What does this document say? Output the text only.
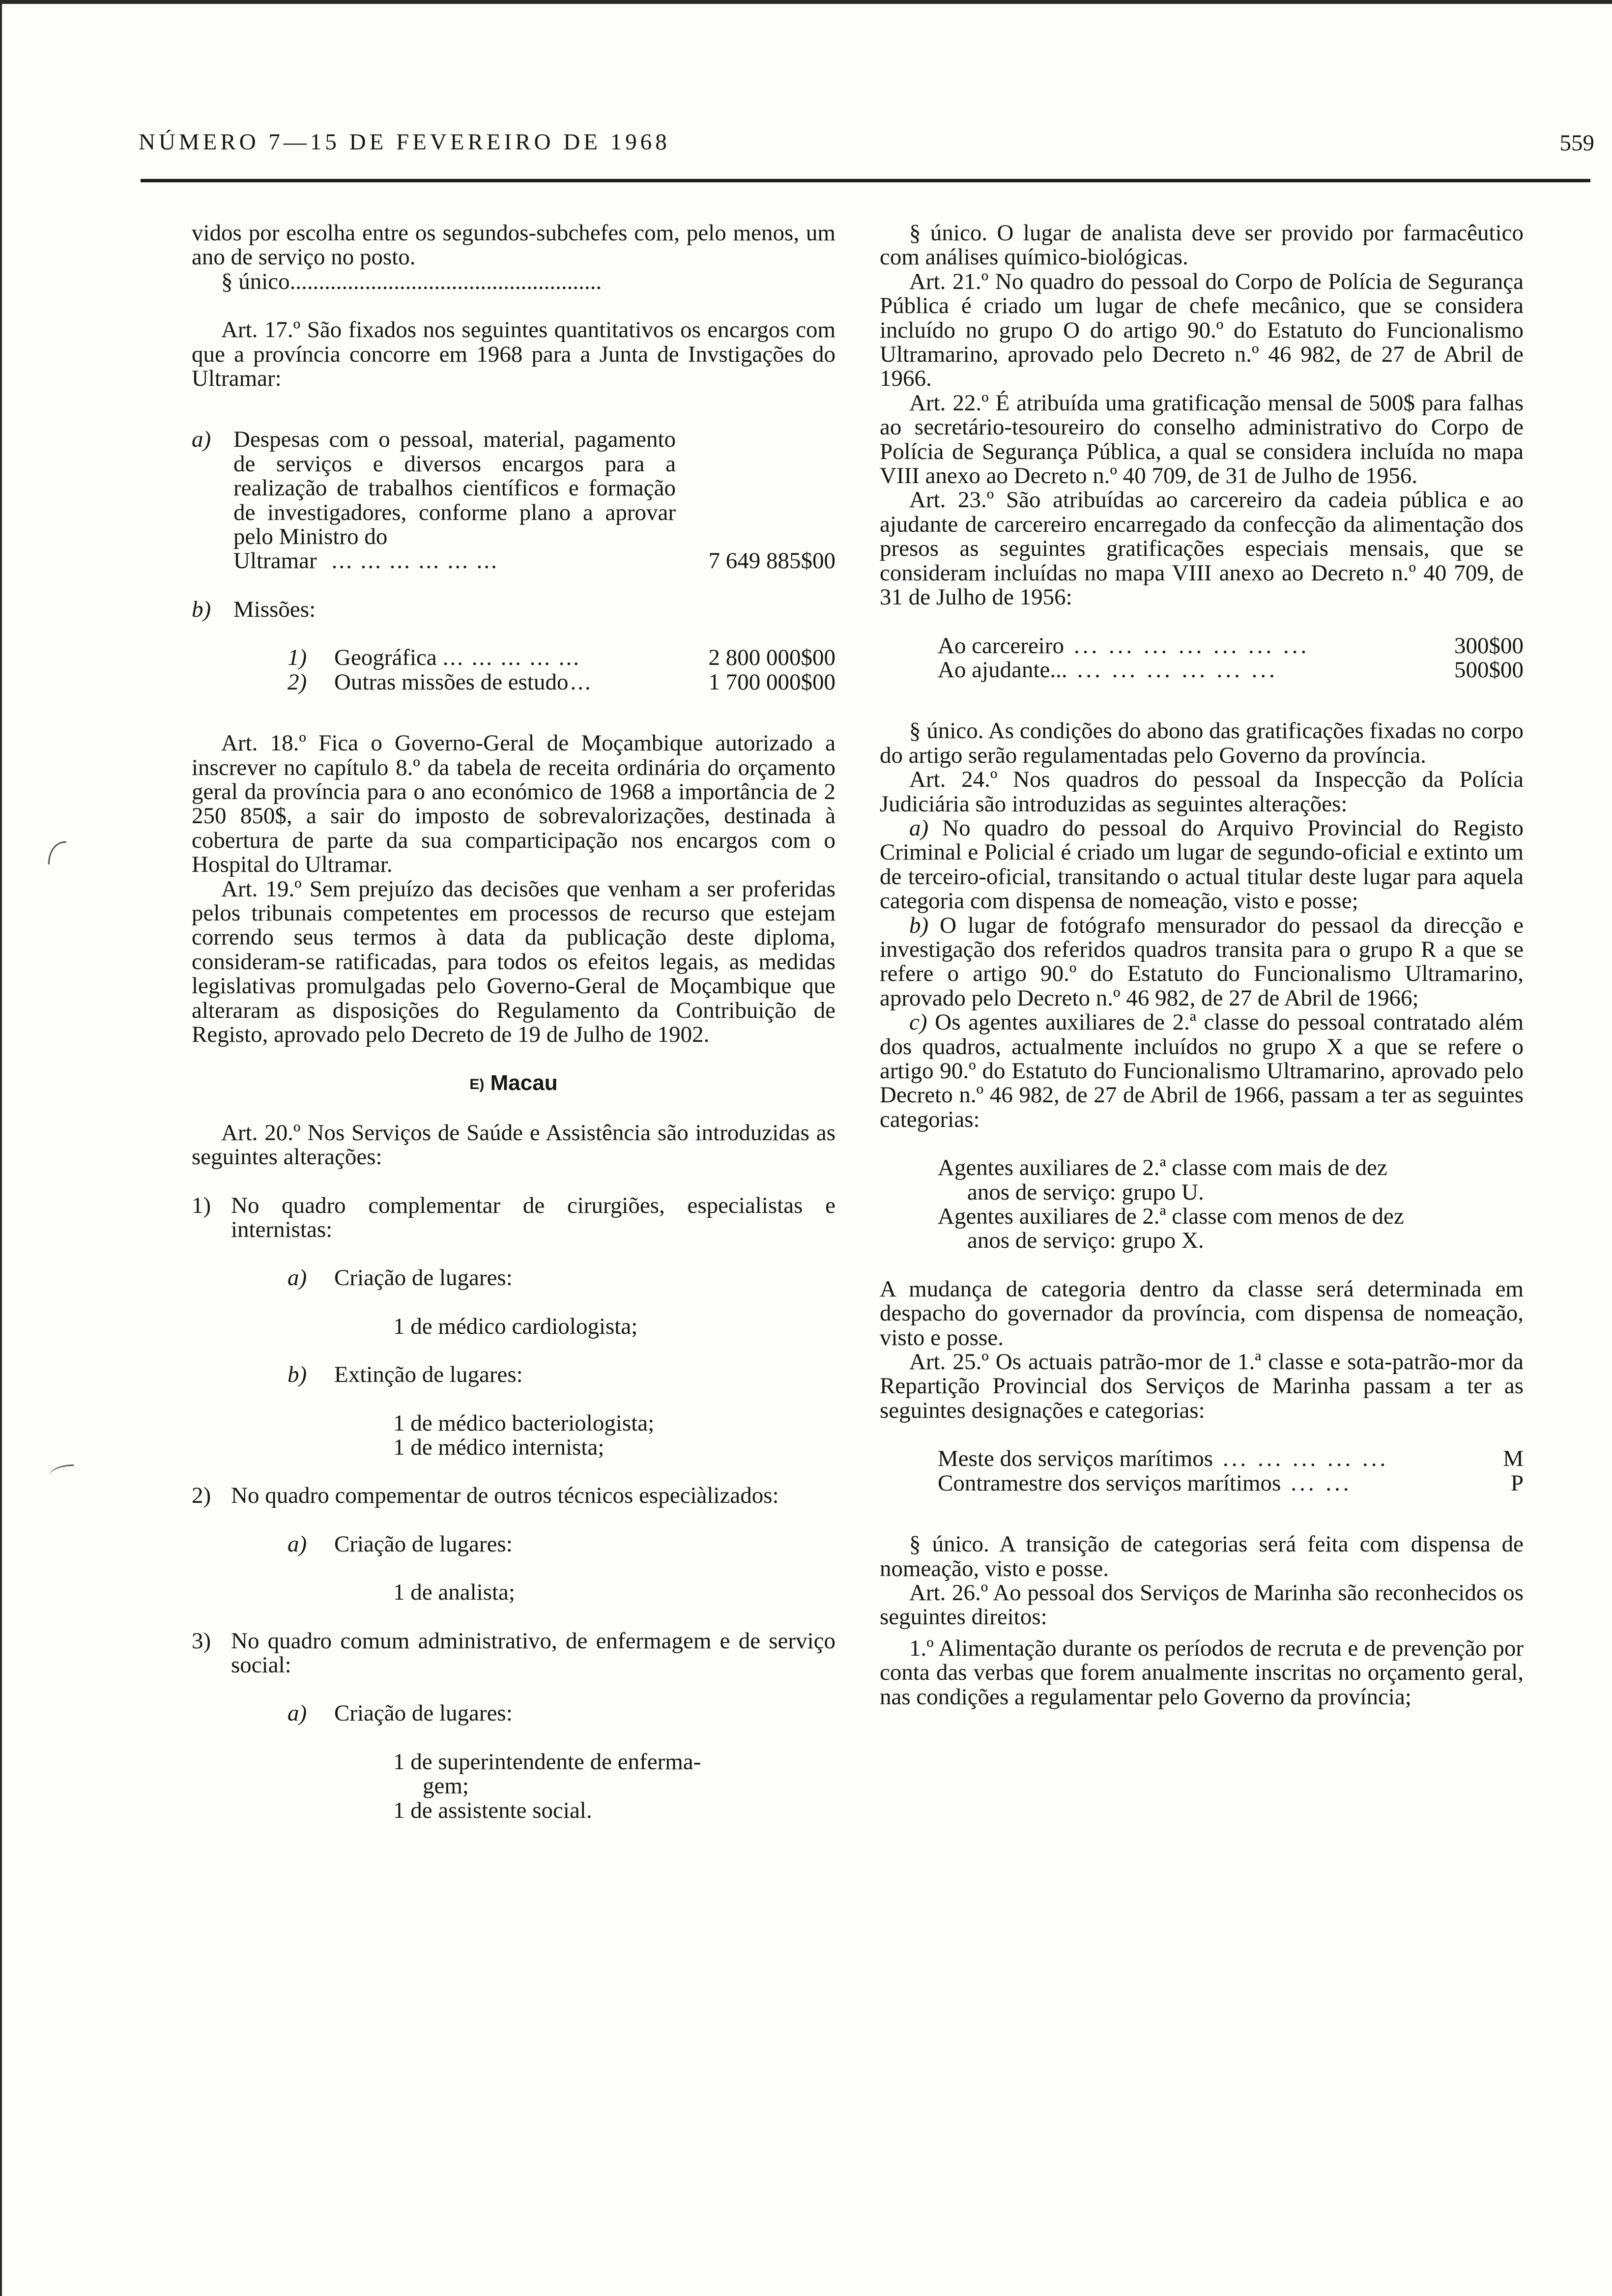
NÚMERO 7—15 DE FEVEREIRO DE 1968	559

vidos por escolha entre os segundos-subchefes com, pelo menos, um ano de serviço no posto.

§ único......................................................

Art. 17.º São fixados nos seguintes quantitativos os encargos com que a província concorre em 1968 para a Junta de Invstigações do Ultramar:

a) Despesas com o pessoal, material, pagamento de serviços e diversos encargos para a realização de trabalhos científicos e formação de investigadores, conforme plano a aprovar pelo Ministro do
Ultramar ... ... ... ... ... ...	7 649 885$00
b) Missões:
1)	Geográfica ... ... ... ... ...	2 800 000$00
2)	Outras missões de estudo ...	1 700 000$00

Art. 18.º Fica o Governo-Geral de Moçambique autorizado a inscrever no capítulo 8.º da tabela de receita ordinária do orçamento geral da província para o ano económico de 1968 a importância de 2 250 850$, a sair do imposto de sobrevalorizações, destinada à cobertura de parte da sua comparticipação nos encargos com o Hospital do Ultramar.

Art. 19.º Sem prejuízo das decisões que venham a ser proferidas pelos tribunais competentes em processos de recurso que estejam correndo seus termos à data da publicação deste diploma, consideram-se ratificadas, para todos os efeitos legais, as medidas legislativas promulgadas pelo Governo-Geral de Moçambique que alteraram as disposições do Regulamento da Contribuição de Registo, aprovado pelo Decreto de 19 de Julho de 1902.

E) Macau

Art. 20.º Nos Serviços de Saúde e Assistência são introduzidas as seguintes alterações:

1) No quadro complementar de cirurgiões, especialistas e internistas:
a)	Criação de lugares:
1 de médico cardiologista;
b)	Extinção de lugares:
1 de médico bacteriologista;
1 de médico internista;
2) No quadro compementar de outros técnicos especiàlizados:
a)	Criação de lugares:
1 de analista;
3) No quadro comum administrativo, de enfermagem e de serviço social:
a)	Criação de lugares:
1 de superintendente de enferma-
gem;
1 de assistente social.

§ único. O lugar de analista deve ser provido por farmacêutico com análises químico-biológicas.

Art. 21.º No quadro do pessoal do Corpo de Polícia de Segurança Pública é criado um lugar de chefe mecânico, que se considera incluído no grupo O do artigo 90.º do Estatuto do Funcionalismo Ultramarino, aprovado pelo Decreto n.º 46 982, de 27 de Abril de 1966.

Art. 22.º É atribuída uma gratificação mensal de 500$ para falhas ao secretário-tesoureiro do conselho administrativo do Corpo de Polícia de Segurança Pública, a qual se considera incluída no mapa VIII anexo ao Decreto n.º 40 709, de 31 de Julho de 1956.

Art. 23.º São atribuídas ao carcereiro da cadeia pública e ao ajudante de carcereiro encarregado da confecção da alimentação dos presos as seguintes gratificações especiais mensais, que se consideram incluídas no mapa VIII anexo ao Decreto n.º 40 709, de 31 de Julho de 1956:

Ao carcereiro ... ... ... ... ... ... ...	300$00
Ao ajudante... ... ... ... ... ... ...	500$00

§ único. As condições do abono das gratificações fixadas no corpo do artigo serão regulamentadas pelo Governo da província.

Art. 24.º Nos quadros do pessoal da Inspecção da Polícia Judiciária são introduzidas as seguintes alterações:

a) No quadro do pessoal do Arquivo Provincial do Registo Criminal e Policial é criado um lugar de segundo-oficial e extinto um de terceiro-oficial, transitando o actual titular deste lugar para aquela categoria com dispensa de nomeação, visto e posse;

b) O lugar de fotógrafo mensurador do pessaol da direcção e investigação dos referidos quadros transita para o grupo R a que se refere o artigo 90.º do Estatuto do Funcionalismo Ultramarino, aprovado pelo Decreto n.º 46 982, de 27 de Abril de 1966;

c) Os agentes auxiliares de 2.ª classe do pessoal contratado além dos quadros, actualmente incluídos no grupo X a que se refere o artigo 90.º do Estatuto do Funcionalismo Ultramarino, aprovado pelo Decreto n.º 46 982, de 27 de Abril de 1966, passam a ter as seguintes categorias:

Agentes auxiliares de 2.ª classe com mais de dez
anos de serviço: grupo U.
Agentes auxiliares de 2.ª classe com menos de dez
anos de serviço: grupo X.

A mudança de categoria dentro da classe será determinada em despacho do governador da província, com dispensa de nomeação, visto e posse.

Art. 25.º Os actuais patrão-mor de 1.ª classe e sota-patrão-mor da Repartição Provincial dos Serviços de Marinha passam a ter as seguintes designações e categorias:

Meste dos serviços marítimos ... ... ... ... ...	M
Contramestre dos serviços marítimos ... ...	P

§ único. A transição de categorias será feita com dispensa de nomeação, visto e posse.

Art. 26.º Ao pessoal dos Serviços de Marinha são reconhecidos os seguintes direitos:

1.º Alimentação durante os períodos de recruta e de prevenção por conta das verbas que forem anualmente inscritas no orçamento geral, nas condições a regulamentar pelo Governo da província;
